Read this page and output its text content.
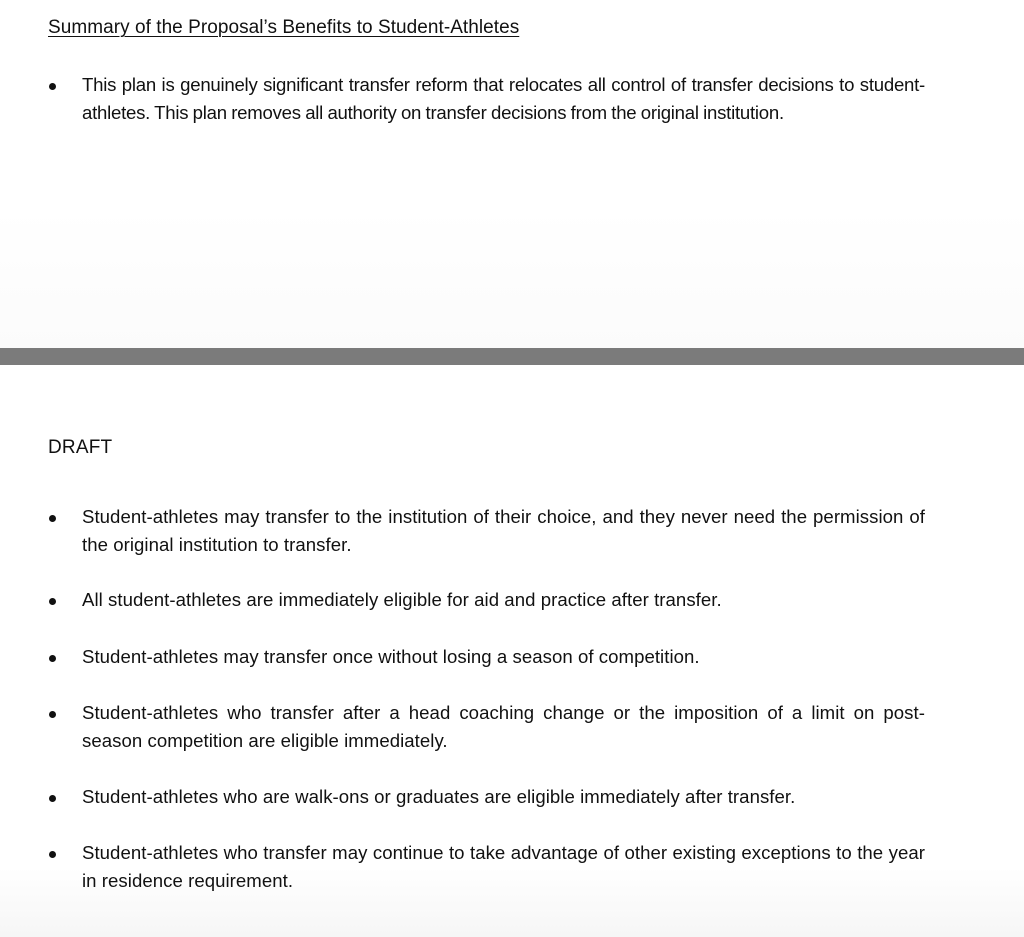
Summary of the Proposal’s Benefits to Student-Athletes
This plan is genuinely significant transfer reform that relocates all control of transfer decisions to student-athletes. This plan removes all authority on transfer decisions from the original institution.
DRAFT
Student-athletes may transfer to the institution of their choice, and they never need the permission of the original institution to transfer.
All student-athletes are immediately eligible for aid and practice after transfer.
Student-athletes may transfer once without losing a season of competition.
Student-athletes who transfer after a head coaching change or the imposition of a limit on post-season competition are eligible immediately.
Student-athletes who are walk-ons or graduates are eligible immediately after transfer.
Student-athletes who transfer may continue to take advantage of other existing exceptions to the year in residence requirement.
